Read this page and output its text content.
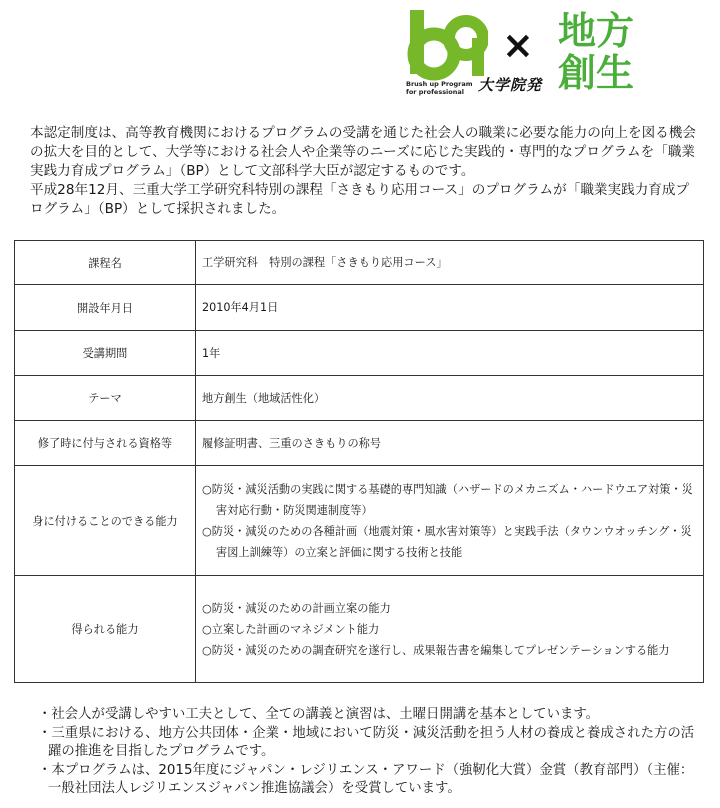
Brush up Program
for professional
×
大学院発
地方
創生

本認定制度は、高等教育機関におけるプログラムの受講を通じた社会人の職業に必要な能力の向上を図る機会の拡大を目的として、大学等における社会人や企業等のニーズに応じた実践的・専門的なプログラムを「職業実践力育成プログラム」（BP）として文部科学大臣が認定するものです。

平成28年12月、三重大学工学研究科特別の課程「さきもり応用コース」のプログラムが「職業実践力育成プログラム」（BP）として採択されました。

課程名	工学研究科　特別の課程「さきもり応用コース」

開設年月日	2010年4月1日

受講期間	1年

テーマ	地方創生（地域活性化）

修了時に付与される資格等	履修証明書、三重のさきもりの称号

身に付けることのできる能力	○防災・減災活動の実践に関する基礎的専門知識（ハザードのメカニズム・ハードウエア対策・災害対応行動・防災関連制度等）
○防災・減災のための各種計画（地震対策・風水害対策等）と実践手法（タウンウオッチング・災害図上訓練等）の立案と評価に関する技術と技能

得られる能力	○防災・減災のための計画立案の能力
○立案した計画のマネジメント能力
○防災・減災のための調査研究を遂行し、成果報告書を編集してプレゼンテーションする能力
・社会人が受講しやすい工夫として、全ての講義と演習は、土曜日開講を基本としています。
・三重県における、地方公共団体・企業・地域において防災・減災活動を担う人材の養成と養成された方の活躍の推進を目指したプログラムです。
・本プログラムは、2015年度にジャパン・レジリエンス・アワード（強靭化大賞）金賞（教育部門）（主催：一般社団法人レジリエンスジャパン推進協議会）を受賞しています。
